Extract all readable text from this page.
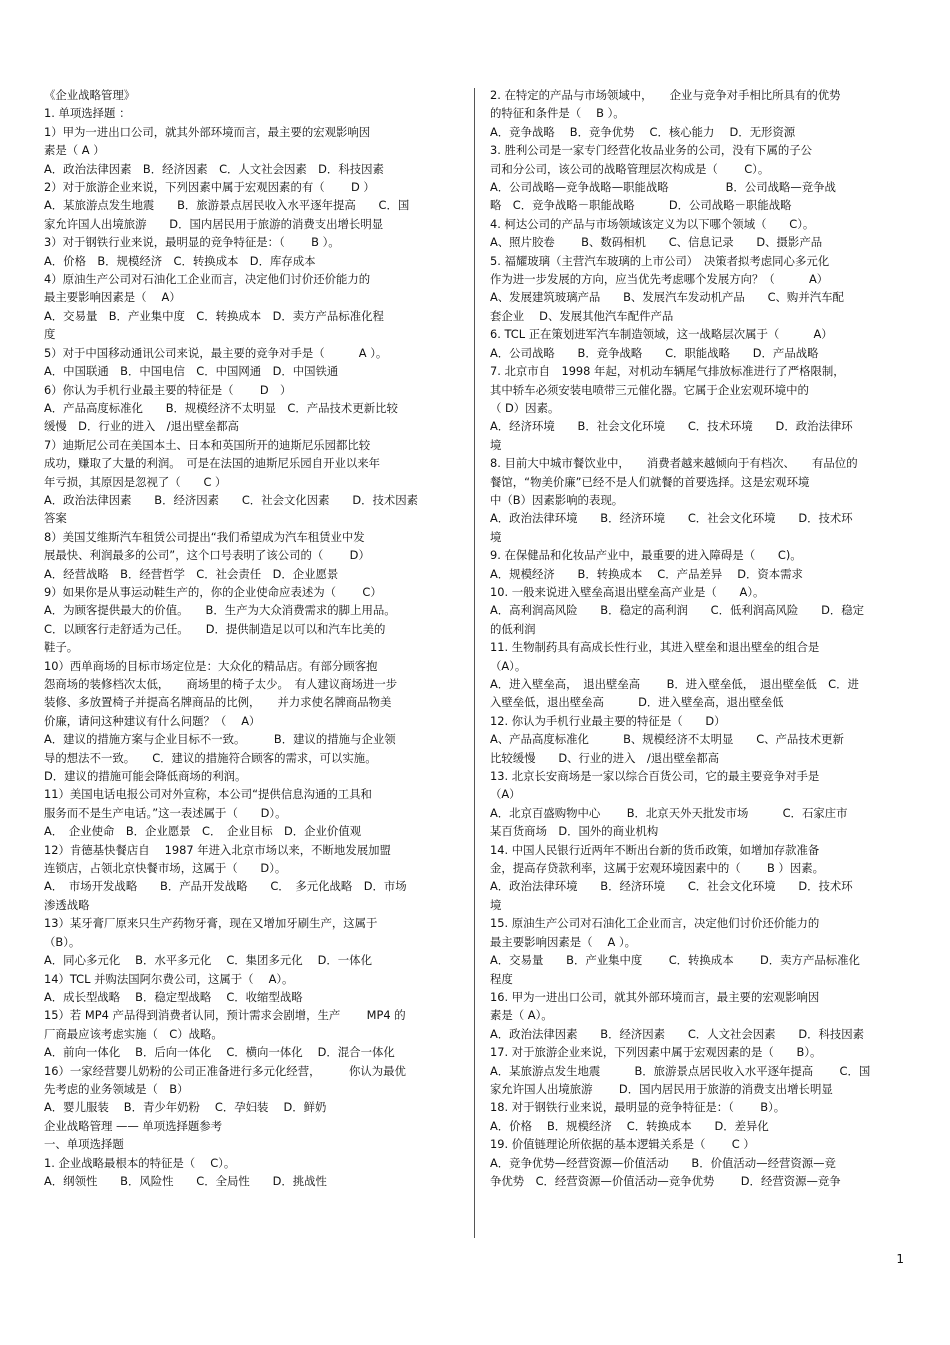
《企业战略管理》
1. 单项选择题 ：
1）甲为一进出口公司，就其外部环境而言，最主要的宏观影响因
素是（ A ）
A．政治法律因素　B．经济因素　C．人文社会因素　D．科技因素
2）对于旅游企业来说，下列因素中属于宏观因素的有（　　 D ）
A．某旅游点发生地震　　B．旅游景点居民收入水平逐年提高　　C．国
家允许国人出境旅游　　D．国内居民用于旅游的消费支出增长明显
3）对于钢铁行业来说，最明显的竞争特征是：（　　 B ）。
A．价格　B．规模经济　C．转换成本　D．库存成本
4）原油生产公司对石油化工企业而言，决定他们讨价还价能力的
最主要影响因素是（　 A）
A．交易量　B．产业集中度　C．转换成本　D．卖方产品标准化程
度
5）对于中国移动通讯公司来说，最主要的竞争对手是（　　　A ）。
A．中国联通　B．中国电信　C．中国网通　D．中国铁通
6）你认为手机行业最主要的特征是（　　 D　）
A．产品高度标准化　　B．规模经济不太明显　C．产品技术更新比较
缓慢　D．行业的进入　/退出壁垒都高
7）迪斯尼公司在美国本土、日本和英国所开的迪斯尼乐园都比较
成功，赚取了大量的利润。　可是在法国的迪斯尼乐园自开业以来年
年亏损，其原因是忽视了（　　C ）
A．政治法律因素　　B．经济因素　　C．社会文化因素　　D．技术因素
答案
8）美国艾维斯汽车租赁公司提出“我们希望成为汽车租赁业中发
展最快、利润最多的公司”，这个口号表明了该公司的（　　 D）
A．经营战略　B．经营哲学　C．社会责任　D．企业愿景
9）如果你是从事运动鞋生产的，你的企业使命应表述为（　　 C）
A．为顾客提供最大的价值。　　B．生产为大众消费需求的脚上用品。
C．以顾客行走舒适为己任。　　D．提供制造足以可以和汽车比美的
鞋子。
10）西单商场的目标市场定位是：大众化的精品店。有部分顾客抱
怨商场的装修档次太低，　　商场里的椅子太少。　有人建议商场进一步
装修、多放置椅子并提高名牌商品的比例，　　并力求使名牌商品物美
价廉，请问这种建议有什么问题？（　 A）
A．建议的措施方案与企业目标不一致。　　　B．建议的措施与企业领
导的想法不一致。　　C．建议的措施符合顾客的需求，可以实施。
D．建议的措施可能会降低商场的利润。
11）美国电话电报公司对外宣称，本公司“提供信息沟通的工具和
服务而不是生产电话。”这一表述属于（　　D）。
A．　企业使命　B．企业愿景　C．　企业目标　D．企业价值观
12）肯德基快餐店自　 1987 年进入北京市场以来，不断地发展加盟
连锁店，占领北京快餐市场，这属于（　　D）。
A．　市场开发战略　　B．产品开发战略　　C．　多元化战略　D．市场
渗透战略
13）某牙膏厂原来只生产药物牙膏，现在又增加牙刷生产，这属于
（B）。
A．同心多元化　 B．水平多元化　 C．集团多元化　 D．一体化
14）TCL 并购法国阿尔费公司，这属于（　 A）。
A．成长型战略　 B．稳定型战略　 C．收缩型战略
15）若 MP4 产品得到消费者认同，预计需求会剧增，生产　　 MP4 的
厂商最应该考虑实施（　C）战略。
A．前向一体化　 B．后向一体化　 C．横向一体化　 D．混合一体化
16）一家经营婴儿奶粉的公司正准备进行多元化经营，　　　你认为最优
先考虑的业务领域是（　B）
A．婴儿服装　 B．青少年奶粉　 C．孕妇装　 D．鲜奶
企业战略管理 —— 单项选择题参考
一、单项选择题
1. 企业战略最根本的特征是（　 C）。
A．纲领性　　B．风险性　　C．全局性　　D．挑战性
2. 在特定的产品与市场领域中，　　企业与竞争对手相比所具有的优势
的特征和条件是（　 B ）。
A．竞争战略　 B．竞争优势　 C．核心能力　 D．无形资源
3. 胜利公司是一家专门经营化妆品业务的公司，没有下属的子公
司和分公司，该公司的战略管理层次构成是（　　 C）。
A．公司战略—竞争战略—职能战略　　　　　B．公司战略—竞争战
略　C．竞争战略－职能战略　　　D．公司战略－职能战略
4. 柯达公司的产品与市场领域该定义为以下哪个领域（　　C）。
A、照片胶卷　　 B、数码相机　　C、信息记录　　D、摄影产品
5. 福耀玻璃（主营汽车玻璃的上市公司）　决策者拟考虑同心多元化
作为进一步发展的方向，应当优先考虑哪个发展方向？（　　　A）
A、发展建筑玻璃产品　　B、发展汽车发动机产品　　C、购并汽车配
套企业　 D、发展其他汽车配件产品
6. TCL 正在策划进军汽车制造领域，这一战略层次属于（　　　A）
A．公司战略　　B．竞争战略　　C．职能战略　　D．产品战略
7. 北京市自　1998 年起，对机动车辆尾气排放标准进行了严格限制，
其中轿车必须安装电喷带三元催化器。它属于企业宏观环境中的
（ D）因素。
A．经济环境　　B．社会文化环境　　C．技术环境　　D．政治法律环
境
8. 目前大中城市餐饮业中，　　消费者越来越倾向于有档次、　　有品位的
餐馆，“物美价廉”已经不是人们就餐的首要选择。这是宏观环境
中（B）因素影响的表现。
A．政治法律环境　　B．经济环境　　C．社会文化环境　　D．技术环
境
9. 在保健品和化妆品产业中，最重要的进入障碍是（　　C)。
A．规模经济　　B．转换成本　 C．产品差异　 D．资本需求
10. 一般来说进入壁垒高退出壁垒高产业是（　　A）。
A．高利润高风险　　B．稳定的高利润　　C．低利润高风险　　D．稳定
的低利润
11. 生物制药具有高成长性行业，其进入壁垒和退出壁垒的组合是
（A）。
A．进入壁垒高，　退出壁垒高　　 B．进入壁垒低，　退出壁垒低　C．进
入壁垒低，退出壁垒高　　　D．进入壁垒高，退出壁垒低
12. 你认为手机行业最主要的特征是（　　D）
A、产品高度标准化　　　B、规模经济不太明显　　C、产品技术更新
比较缓慢　　D、行业的进入　/退出壁垒都高
13. 北京长安商场是一家以综合百货公司，它的最主要竞争对手是
（A）
A．北京百盛购物中心　　 B．北京天外天批发市场　　　C．石家庄市
某百货商场　D．国外的商业机构
14. 中国人民银行近两年不断出台新的货币政策，如增加存款准备
金，提高存贷款利率，这属于宏观环境因素中的（　　 B ）因素。
A．政治法律环境　　B．经济环境　　C．社会文化环境　　D．技术环
境
15. 原油生产公司对石油化工企业而言，决定他们讨价还价能力的
最主要影响因素是（　 A ）。
A．交易量　　B．产业集中度　　 C．转换成本　　 D．卖方产品标准化
程度
16. 甲为一进出口公司，就其外部环境而言，最主要的宏观影响因
素是（ A）。
A．政治法律因素　　B．经济因素　　C．人文社会因素　　D．科技因素
17. 对于旅游企业来说，下列因素中属于宏观因素的是（　　B）。
A．某旅游点发生地震　　　B．旅游景点居民收入水平逐年提高　　 C．国
家允许国人出境旅游　　 D．国内居民用于旅游的消费支出增长明显
18. 对于钢铁行业来说，最明显的竞争特征是：（　　 B）。
A．价格　 B．规模经济　 C．转换成本　　D．差异化
19. 价值链理论所依据的基本逻辑关系是（　　 C ）
A．竞争优势—经营资源—价值活动　　B．价值活动—经营资源—竞
争优势　C．经营资源—价值活动—竞争优势　　 D．经营资源—竞争
1
